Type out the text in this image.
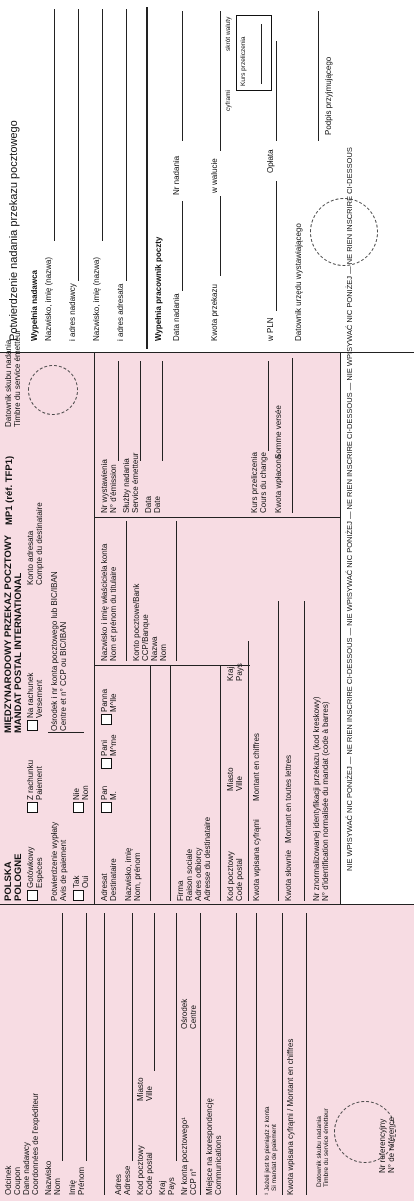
Odcinek Coupon Dane nadawcy Coordonnées de l'expéditeur Nazwisko Nom Imię Prénom	Adres Adresse Kod pocztowy Code postal
Miasto Ville
Kraj Pays Nr konta pocztowego¹ CCP n°
Ośrodek Centre
Miejsce na korespondencję Communications	¹ Jeżeli jest to pieniądz z konta Si mandat de paiement Kwota wpisana cyfrąmi / Montant en chiffres	Datownik skubu nadania Timbre du service émetteur	Nr referencyjny N° de référence
POLSKA POLOGNE
MIĘDZYNARODOWY PRZEKAZ POCZTOWY MANDAT POSTAL INTERNATIONAL
MP1 (réf. TFP1)
Gotówkowy Espèces
Z rachunku Paiement
Na rachunek Versement
Konto adresata Compte du destinataire
Potwierdzenie wypłaty Avis de paiement
Ośrodek i nr konta pocztowego lub BIC/IBAN Centre et n° CCP ou BIC/IBAN
Tak Oui
Nie Non
Adresat Destinataire
Pan M.
Pani M^me
Panna M^lle
Nazwisko, imię Nom, prénom	Firma Raison sociale Adres odbiorcy Adresse du destinataire Kod pocztowy Code postal
Miasto Ville
Kraj Pays
Kwota wpisana cyfrąmi
Montant en chiffres
Kwota słownie
Montant en toutes lettres Nr znormalizowanej identyfikacji przekazu (kod kreskowy) N° d'identification normalisée du mandat (code à barres)
Nazwisko i imię właściciela konta Nom et prénom du titulaire Konto pocztowe/Bank CCP/Banque Nazwa Nom
Nr wystawienia N° d'émission Służby nadania Service émetteur Data Date	Kurs przeliczenia Cours du change Kwota wpłacona
Somme versée
Datownik skubu nadania Timbre du service émetteur	NIE WPISYWAĆ NIC PONIŻEJ — NE RIEN INSCRIRE CI-DESSOUS — NIE WPISYWAĆ NIC PONIŻEJ — NE RIEN INSCRIRE CI-DESSOUS — NIE WPISYWAĆ NIC PONIŻEJ — NE RIEN INSCRIRE CI-DESSOUS
Potwierdzenie nadania przekazu pocztowego Wypełnia nadawca Nazwisko, imię (nazwa) i adres nadawcy Nazwisko, imię (nazwa) i adres adresata	Wypełnia pracownik poczty Data nadania
Nr nadania
Kwota przekazu
w walucie
cyframi
skrót waluty
Kurs przeliczenia
w PLN
Opłata
Datownik urzędu wystawiającego
Podpis przyjmującego
